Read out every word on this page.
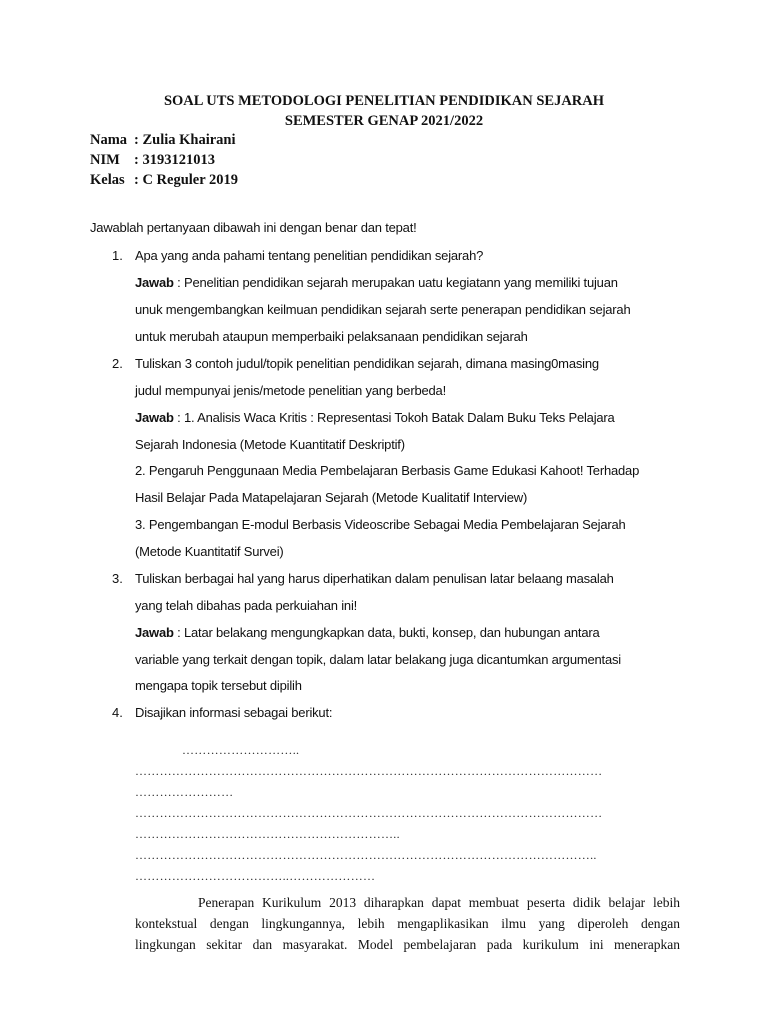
SOAL UTS METODOLOGI PENELITIAN PENDIDIKAN SEJARAH
SEMESTER GENAP 2021/2022
Nama : Zulia Khairani
NIM : 3193121013
Kelas : C Reguler 2019
Jawablah pertanyaan dibawah ini dengan benar dan tepat!
1. Apa yang anda pahami tentang penelitian pendidikan sejarah?
Jawab : Penelitian pendidikan sejarah merupakan uatu kegiatann yang memiliki tujuan
unuk mengembangkan keilmuan pendidikan sejarah serte penerapan pendidikan sejarah
untuk merubah ataupun memperbaiki pelaksanaan pendidikan sejarah
2. Tuliskan 3 contoh judul/topik penelitian pendidikan sejarah, dimana masing0masing
judul mempunyai jenis/metode penelitian yang berbeda!
Jawab : 1. Analisis Waca Kritis : Representasi Tokoh Batak Dalam Buku Teks Pelajara
Sejarah Indonesia (Metode Kuantitatif Deskriptif)
2. Pengaruh Penggunaan Media Pembelajaran Berbasis Game Edukasi Kahoot! Terhadap
Hasil Belajar Pada Matapelajaran Sejarah (Metode Kualitatif Interview)
3. Pengembangan E-modul Berbasis Videoscribe Sebagai Media Pembelajaran Sejarah
(Metode Kuantitatif Survei)
3. Tuliskan berbagai hal yang harus diperhatikan dalam penulisan latar belaang masalah
yang telah dibahas pada perkuiahan ini!
Jawab : Latar belakang mengungkapkan data, bukti, konsep, dan hubungan antara
variable yang terkait dengan topik, dalam latar belakang juga dicantumkan argumentasi
mengapa topik tersebut dipilih
4. Disajikan informasi sebagai berikut:
………………………..
……………………………………………………………………………………………………
……………………
……………………………………………………………………………………………………
………………………………………………………..
…………………………………………………………………………………………………..
………………………………..…………………
Penerapan Kurikulum 2013 diharapkan dapat membuat peserta didik belajar lebih
kontekstual dengan lingkungannya, lebih mengaplikasikan ilmu yang diperoleh dengan
lingkungan sekitar dan masyarakat. Model pembelajaran pada kurikulum ini menerapkan
